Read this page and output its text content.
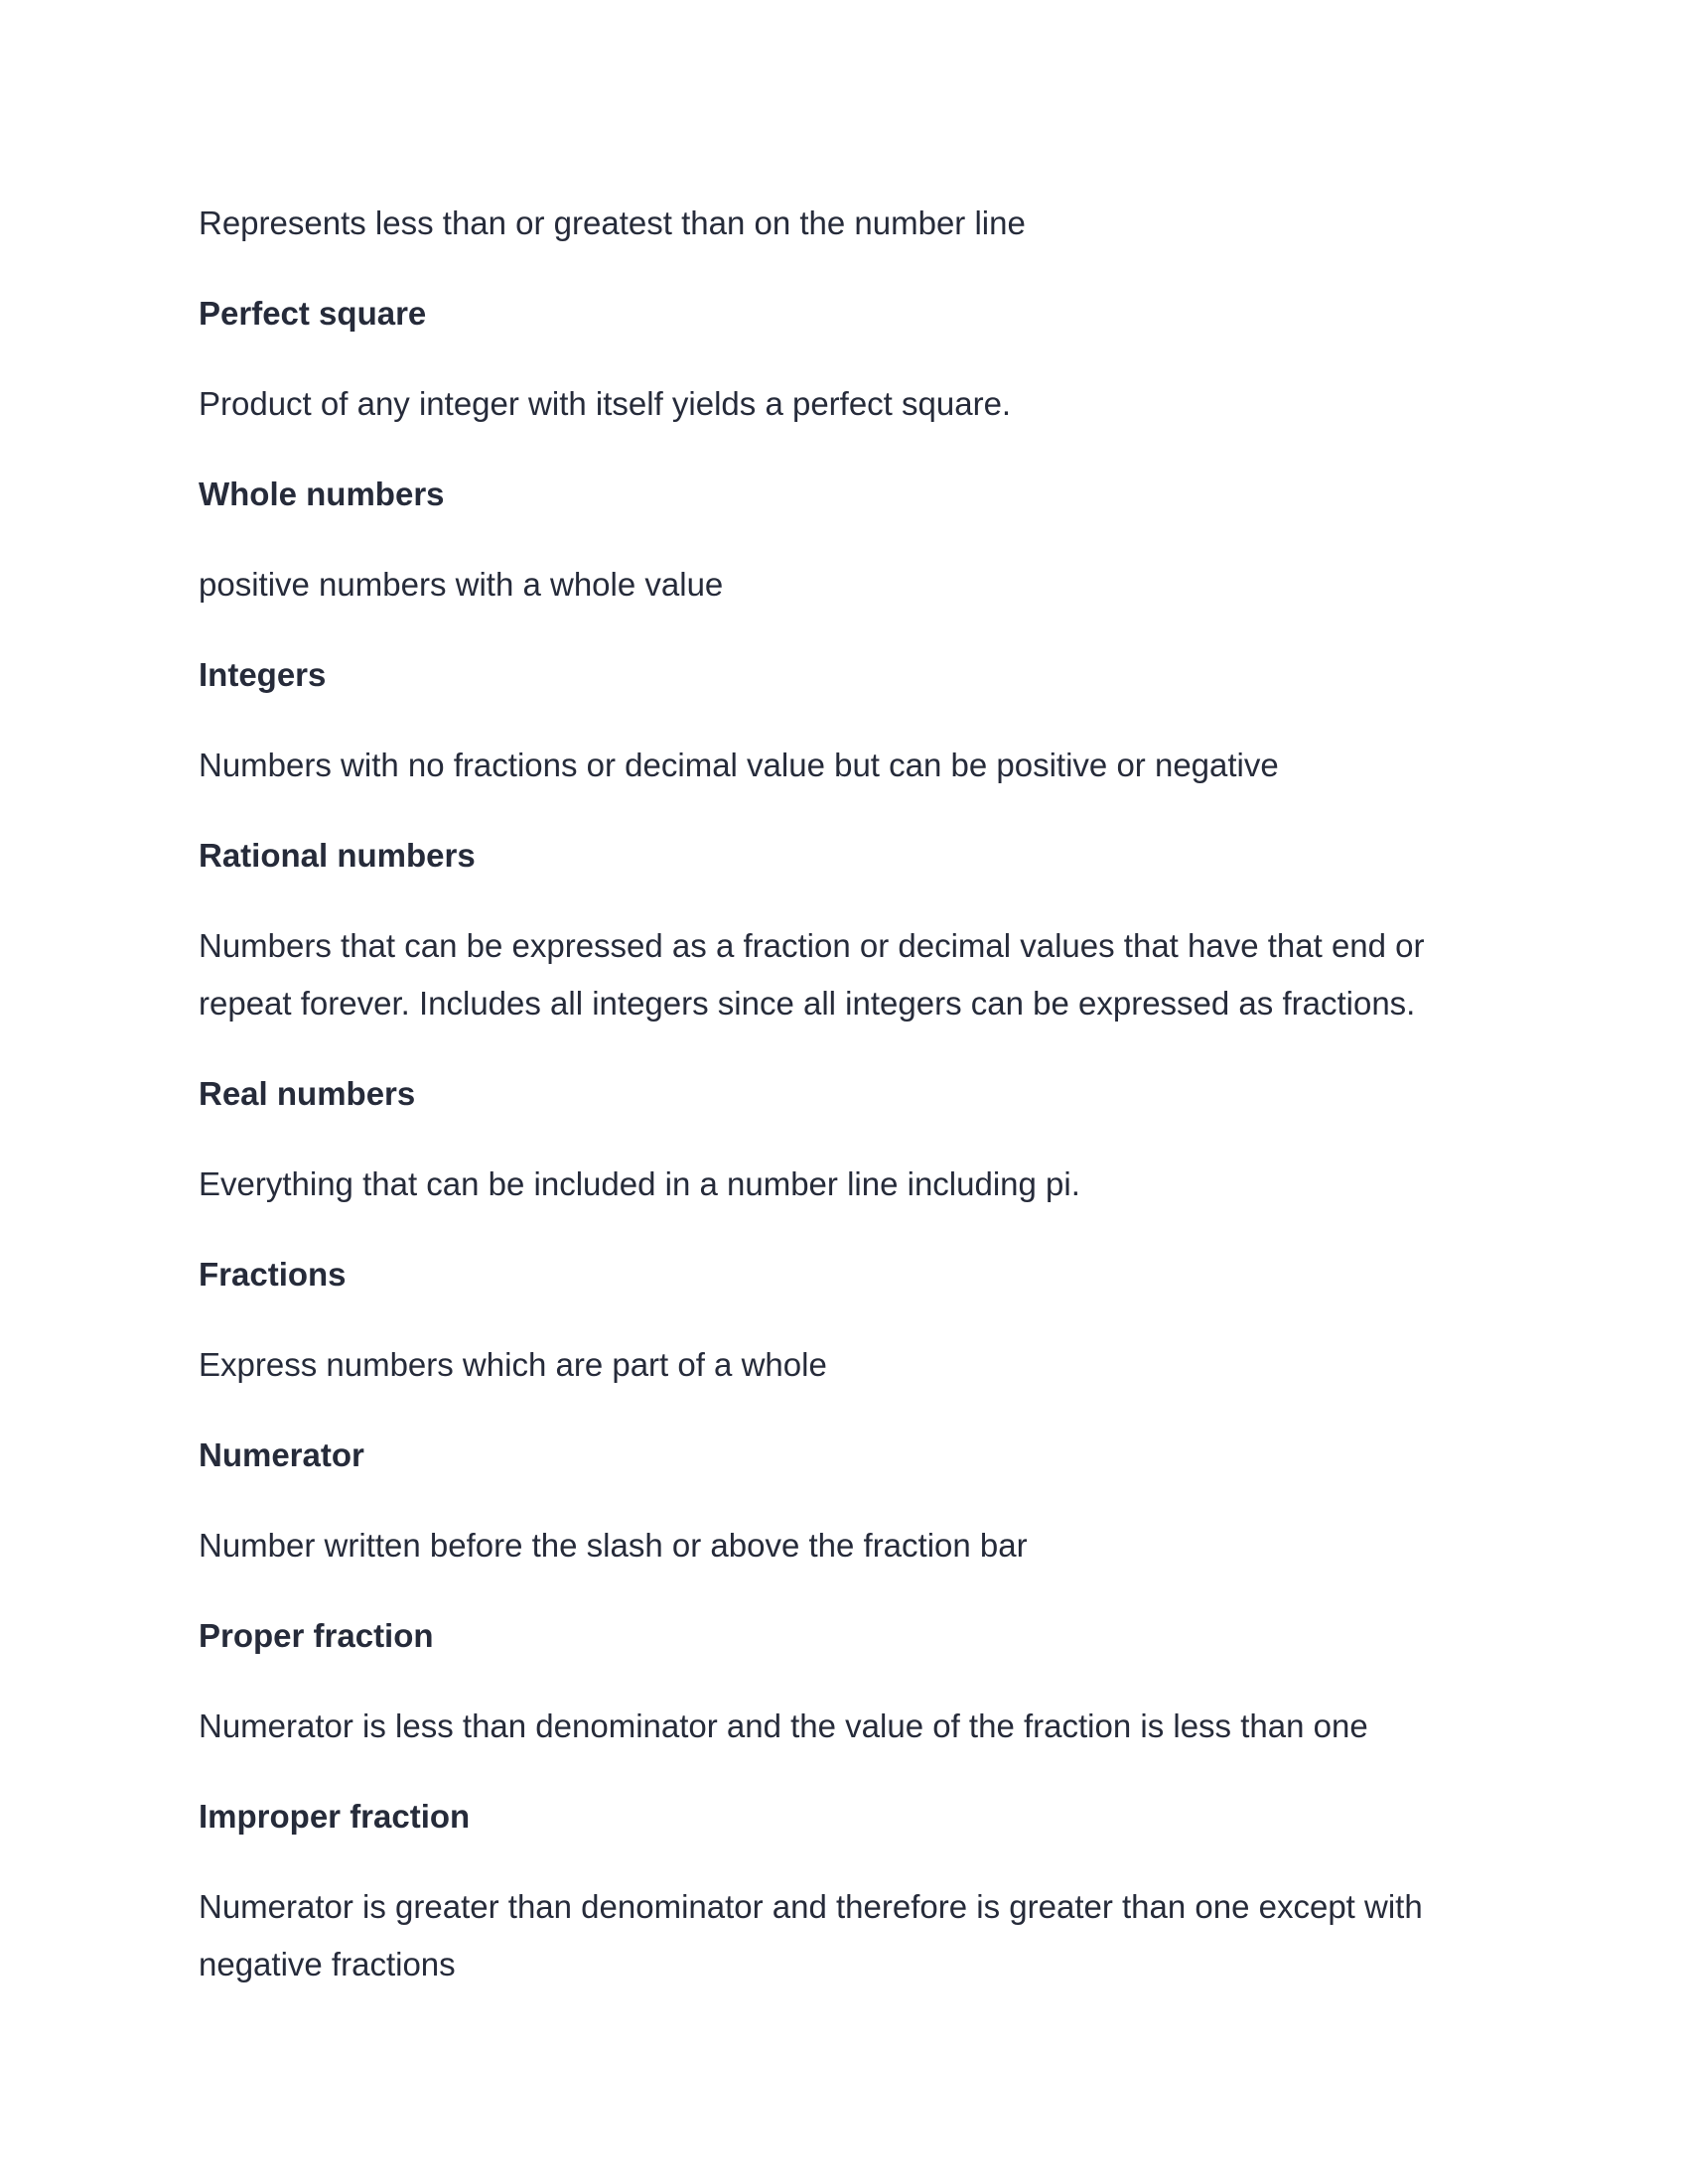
Represents less than or greatest than on the number line
Perfect square
Product of any integer with itself yields a perfect square.
Whole numbers
positive numbers with a whole value
Integers
Numbers with no fractions or decimal value but can be positive or negative
Rational numbers
Numbers that can be expressed as a fraction or decimal values that have that end or
repeat forever. Includes all integers since all integers can be expressed as fractions.
Real numbers
Everything that can be included in a number line including pi.
Fractions
Express numbers which are part of a whole
Numerator
Number written before the slash or above the fraction bar
Proper fraction
Numerator is less than denominator and the value of the fraction is less than one
Improper fraction
Numerator is greater than denominator and therefore is greater than one except with
negative fractions
